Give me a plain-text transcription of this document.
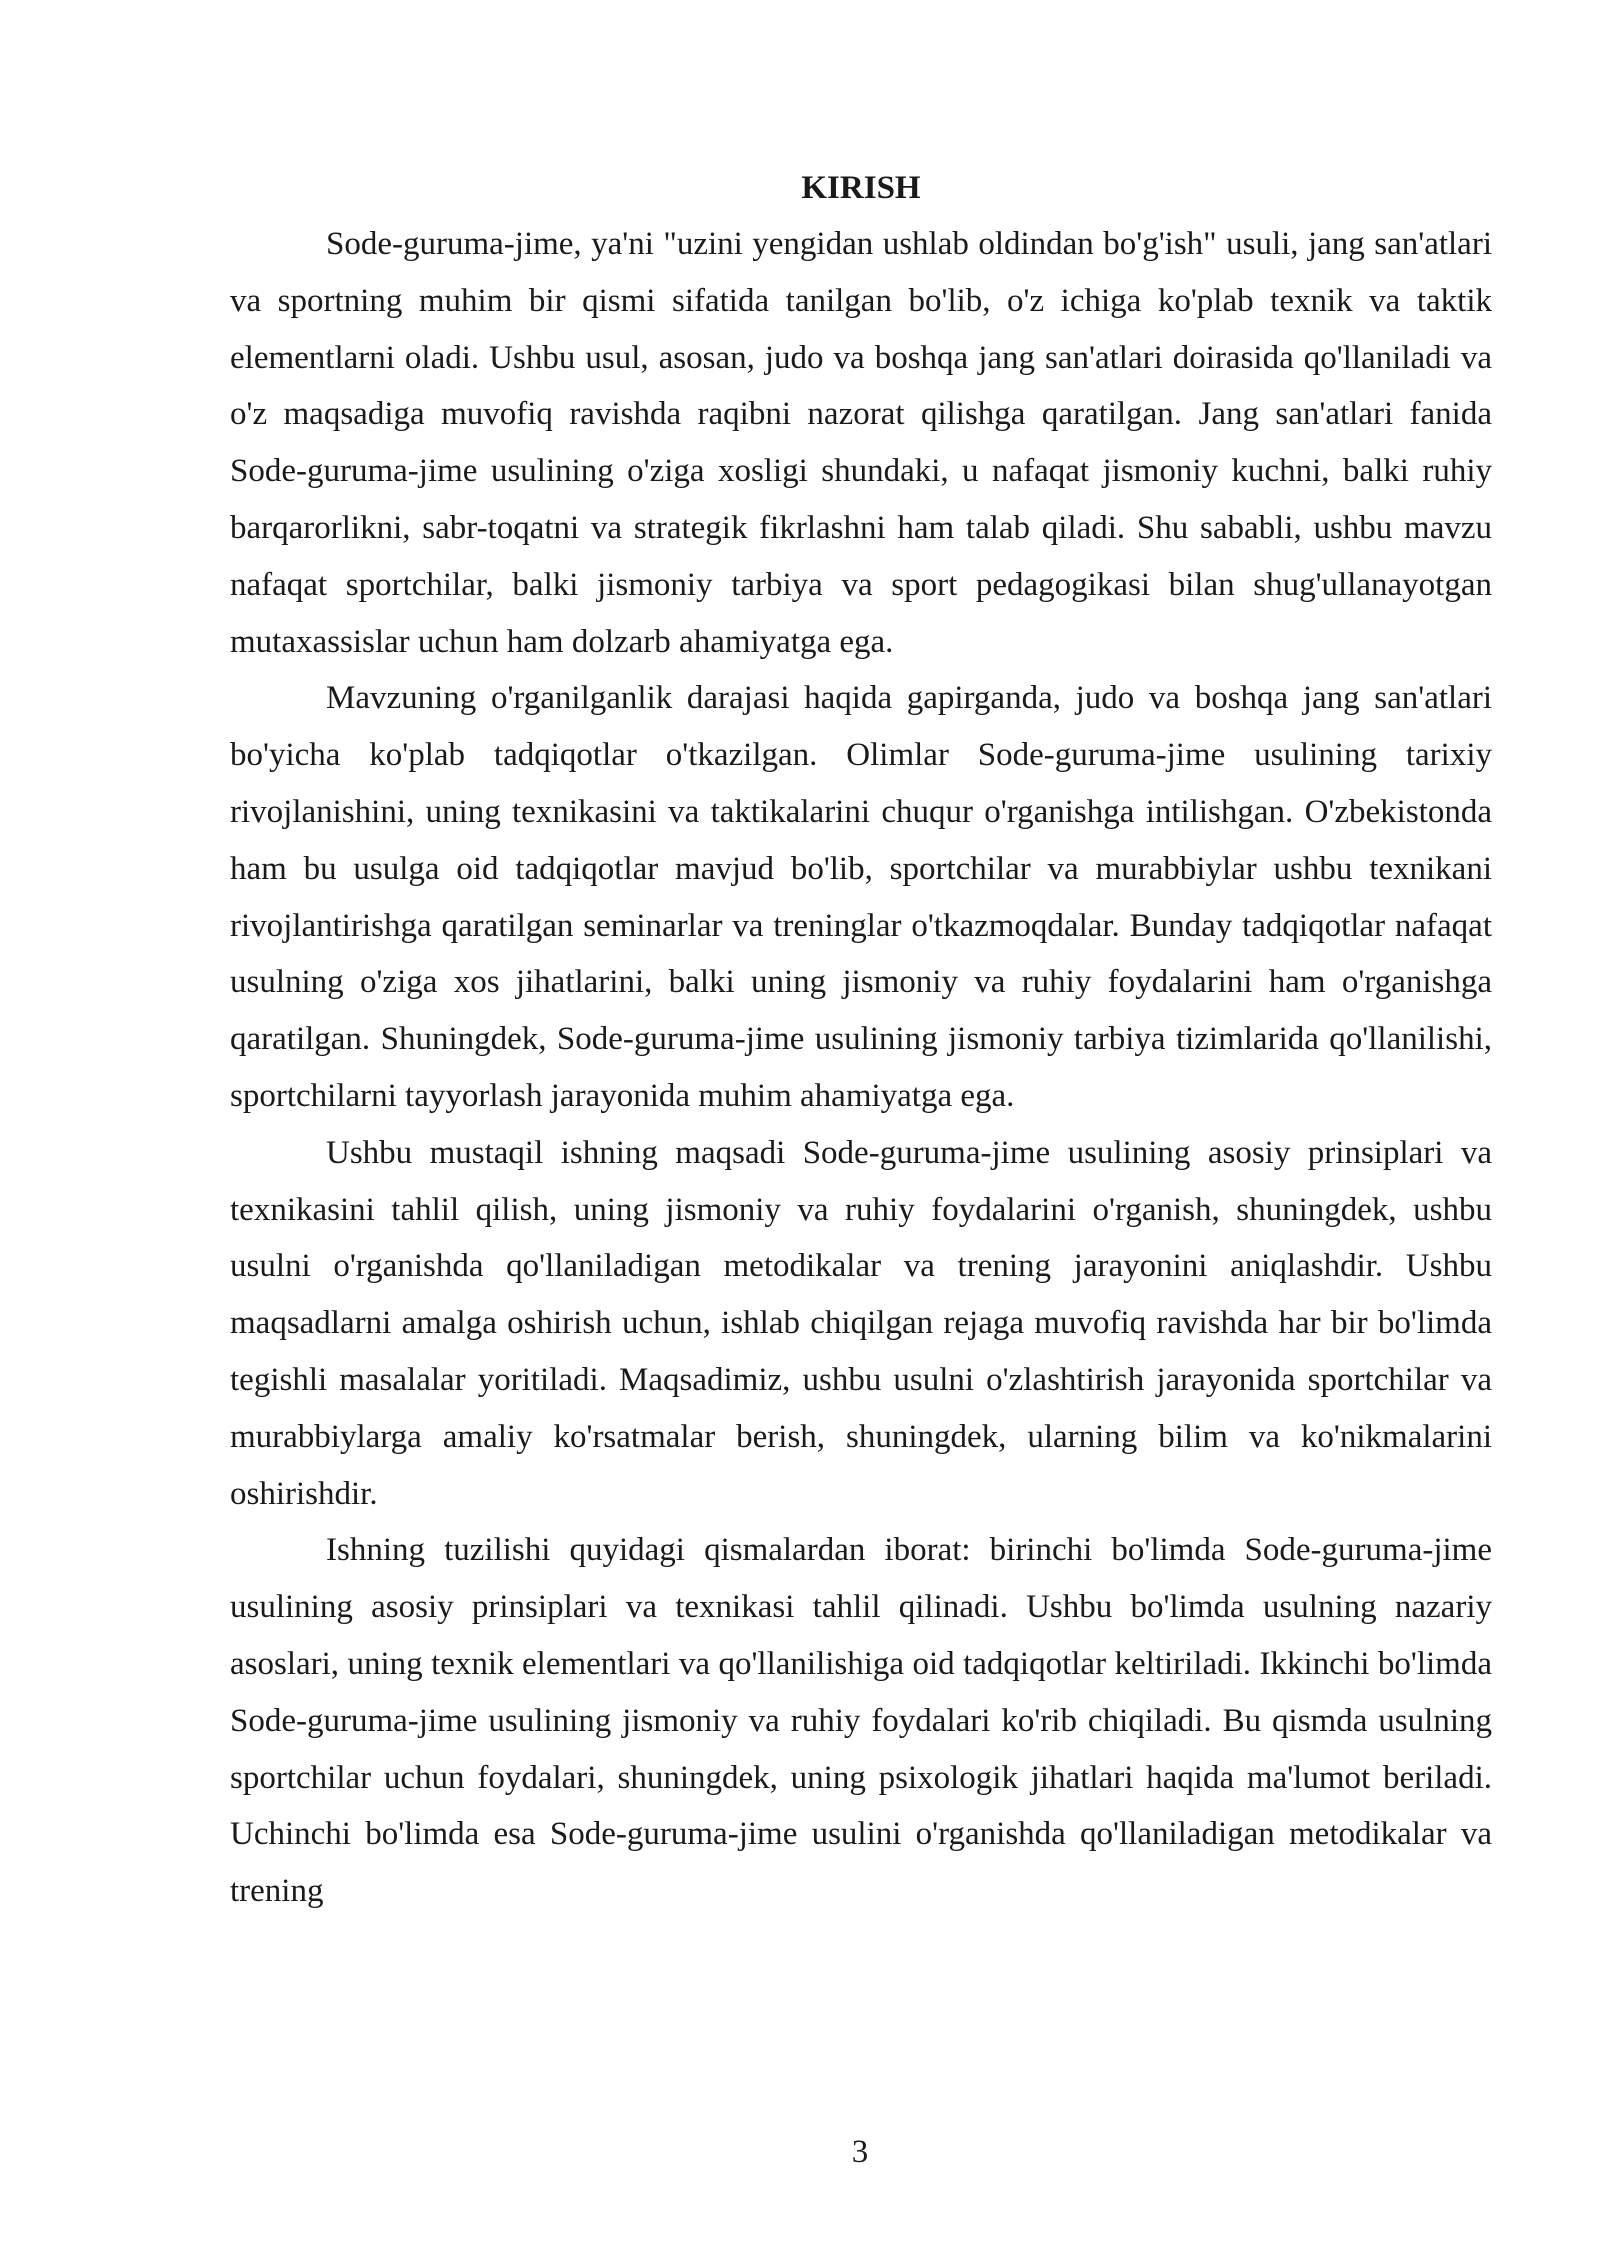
KIRISH

Sode-guruma-jime, ya'ni "uzini yengidan ushlab oldindan bo'g'ish" usuli, jang san'atlari va sportning muhim bir qismi sifatida tanilgan bo'lib, o'z ichiga ko'plab texnik va taktik elementlarni oladi. Ushbu usul, asosan, judo va boshqa jang san'atlari doirasida qo'llaniladi va o'z maqsadiga muvofiq ravishda raqibni nazorat qilishga qaratilgan. Jang san'atlari fanida Sode-guruma-jime usulining o'ziga xosligi shundaki, u nafaqat jismoniy kuchni, balki ruhiy barqarorlikni, sabr-toqatni va strategik fikrlashni ham talab qiladi. Shu sababli, ushbu mavzu nafaqat sportchilar, balki jismoniy tarbiya va sport pedagogikasi bilan shug'ullanayotgan mutaxassislar uchun ham dolzarb ahamiyatga ega.

Mavzuning o'rganilganlik darajasi haqida gapirganda, judo va boshqa jang san'atlari bo'yicha ko'plab tadqiqotlar o'tkazilgan. Olimlar Sode-guruma-jime usulining tarixiy rivojlanishini, uning texnikasini va taktikalarini chuqur o'rganishga intilishgan. O'zbekistonda ham bu usulga oid tadqiqotlar mavjud bo'lib, sportchilar va murabbiylar ushbu texnikani rivojlantirishga qaratilgan seminarlar va treninglar o'tkazmoqdalar. Bunday tadqiqotlar nafaqat usulning o'ziga xos jihatlarini, balki uning jismoniy va ruhiy foydalarini ham o'rganishga qaratilgan. Shuningdek, Sode-guruma-jime usulining jismoniy tarbiya tizimlarida qo'llanilishi, sportchilarni tayyorlash jarayonida muhim ahamiyatga ega.

Ushbu mustaqil ishning maqsadi Sode-guruma-jime usulining asosiy prinsiplari va texnikasini tahlil qilish, uning jismoniy va ruhiy foydalarini o'rganish, shuningdek, ushbu usulni o'rganishda qo'llaniladigan metodikalar va trening jarayonini aniqlashdir. Ushbu maqsadlarni amalga oshirish uchun, ishlab chiqilgan rejaga muvofiq ravishda har bir bo'limda tegishli masalalar yoritiladi. Maqsadimiz, ushbu usulni o'zlashtirish jarayonida sportchilar va murabbiylarga amaliy ko'rsatmalar berish, shuningdek, ularning bilim va ko'nikmalarini oshirishdir.

Ishning tuzilishi quyidagi qismalardan iborat: birinchi bo'limda Sode-guruma-jime usulining asosiy prinsiplari va texnikasi tahlil qilinadi. Ushbu bo'limda usulning nazariy asoslari, uning texnik elementlari va qo'llanilishiga oid tadqiqotlar keltiriladi. Ikkinchi bo'limda Sode-guruma-jime usulining jismoniy va ruhiy foydalari ko'rib chiqiladi. Bu qismda usulning sportchilar uchun foydalari, shuningdek, uning psixologik jihatlari haqida ma'lumot beriladi. Uchinchi bo'limda esa Sode-guruma-jime usulini o'rganishda qo'llaniladigan metodikalar va trening

3
